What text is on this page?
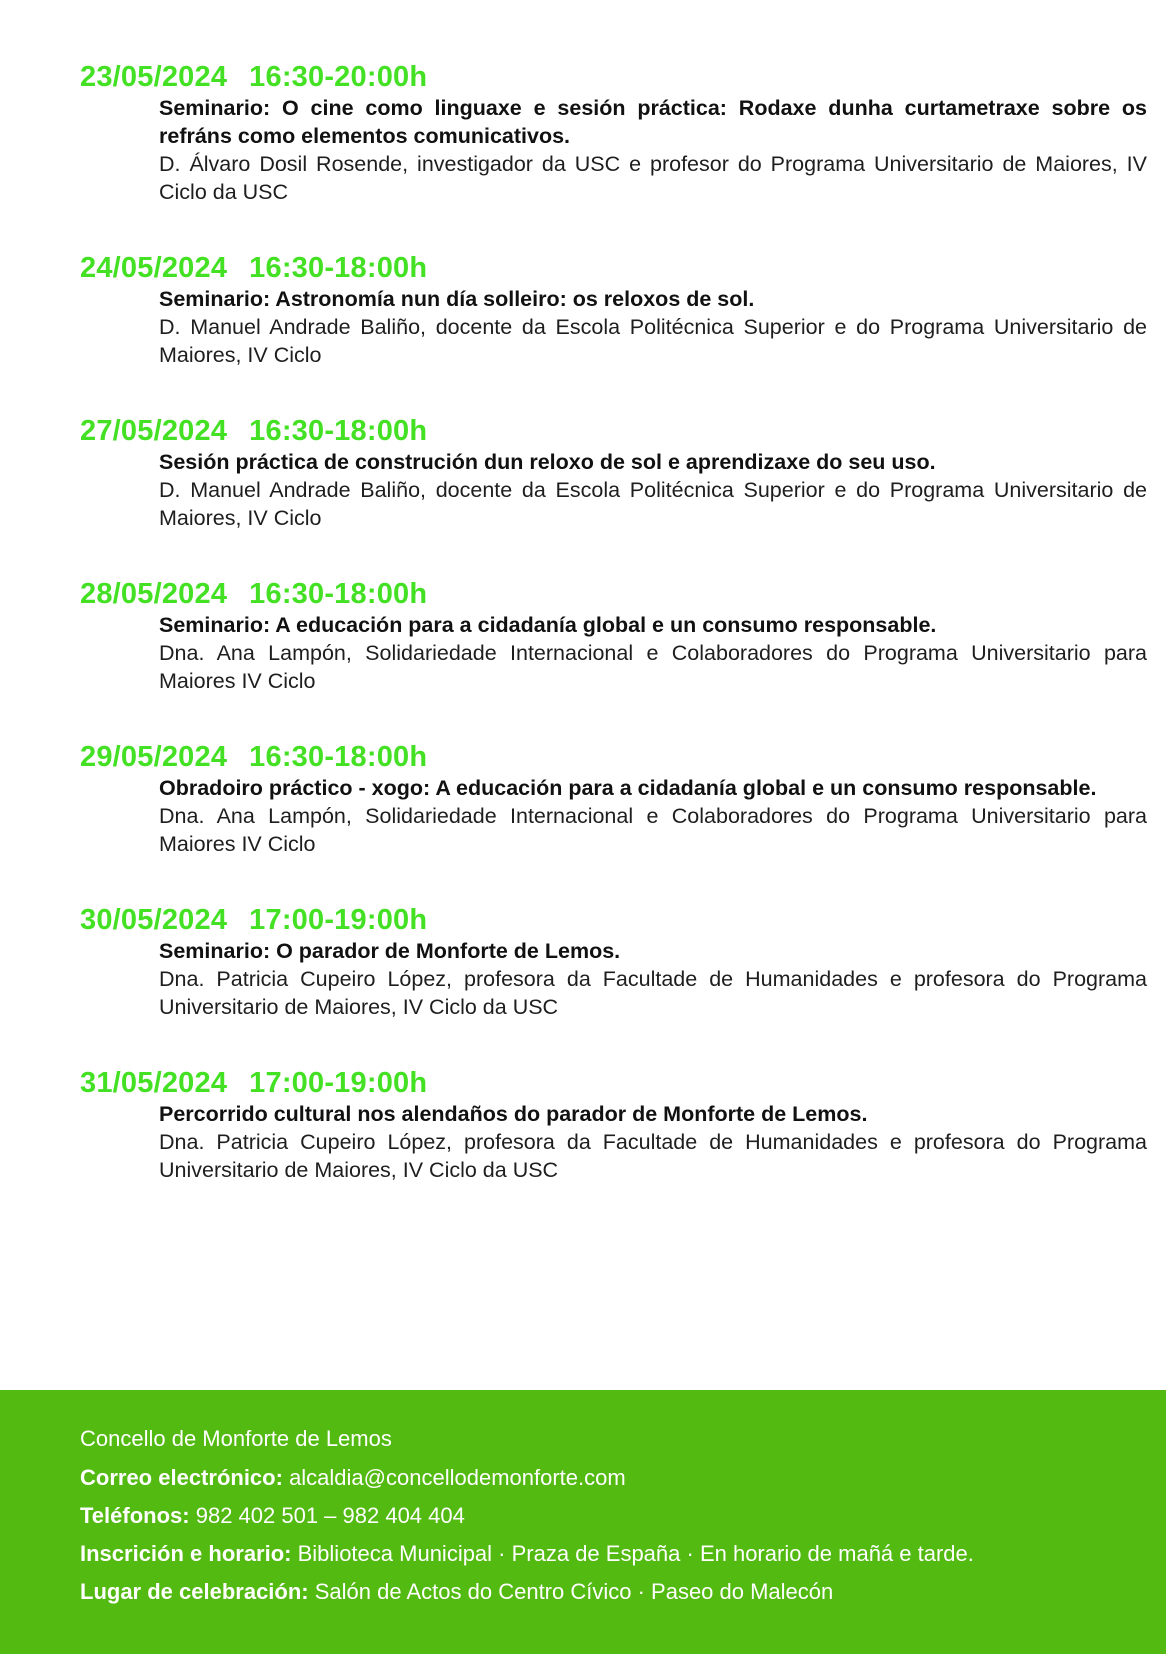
23/05/2024 16:30-20:00h
Seminario: O cine como linguaxe e sesión práctica: Rodaxe dunha curtametraxe sobre os refráns como elementos comunicativos.
D. Álvaro Dosil Rosende, investigador da USC e profesor do Programa Universitario de Maiores, IV Ciclo da USC
24/05/2024 16:30-18:00h
Seminario: Astronomía nun día solleiro: os reloxos de sol.
D. Manuel Andrade Baliño, docente da Escola Politécnica Superior e do Programa Universitario de Maiores, IV Ciclo
27/05/2024 16:30-18:00h
Sesión práctica de construción dun reloxo de sol e aprendizaxe do seu uso.
D. Manuel Andrade Baliño, docente da Escola Politécnica Superior e do Programa Universitario de Maiores, IV Ciclo
28/05/2024 16:30-18:00h
Seminario: A educación para a cidadanía global e un consumo responsable.
Dna. Ana Lampón, Solidariedade Internacional e Colaboradores do Programa Universitario para Maiores IV Ciclo
29/05/2024 16:30-18:00h
Obradoiro práctico - xogo: A educación para a cidadanía global e un consumo responsable.
Dna. Ana Lampón, Solidariedade Internacional e Colaboradores do Programa Universitario para Maiores IV Ciclo
30/05/2024 17:00-19:00h
Seminario: O parador de Monforte de Lemos.
Dna. Patricia Cupeiro López, profesora da Facultade de Humanidades e profesora do Programa Universitario de Maiores, IV Ciclo da USC
31/05/2024 17:00-19:00h
Percorrido cultural nos alendaños do parador de Monforte de Lemos.
Dna. Patricia Cupeiro López, profesora da Facultade de Humanidades e profesora do Programa Universitario de Maiores, IV Ciclo da USC
Concello de Monforte de Lemos
Correo electrónico: alcaldia@concellodemonforte.com
Teléfonos: 982 402 501 – 982 404 404
Inscrición e horario: Biblioteca Municipal · Praza de España · En horario de mañá e tarde.
Lugar de celebración: Salón de Actos do Centro Cívico · Paseo do Malecón
